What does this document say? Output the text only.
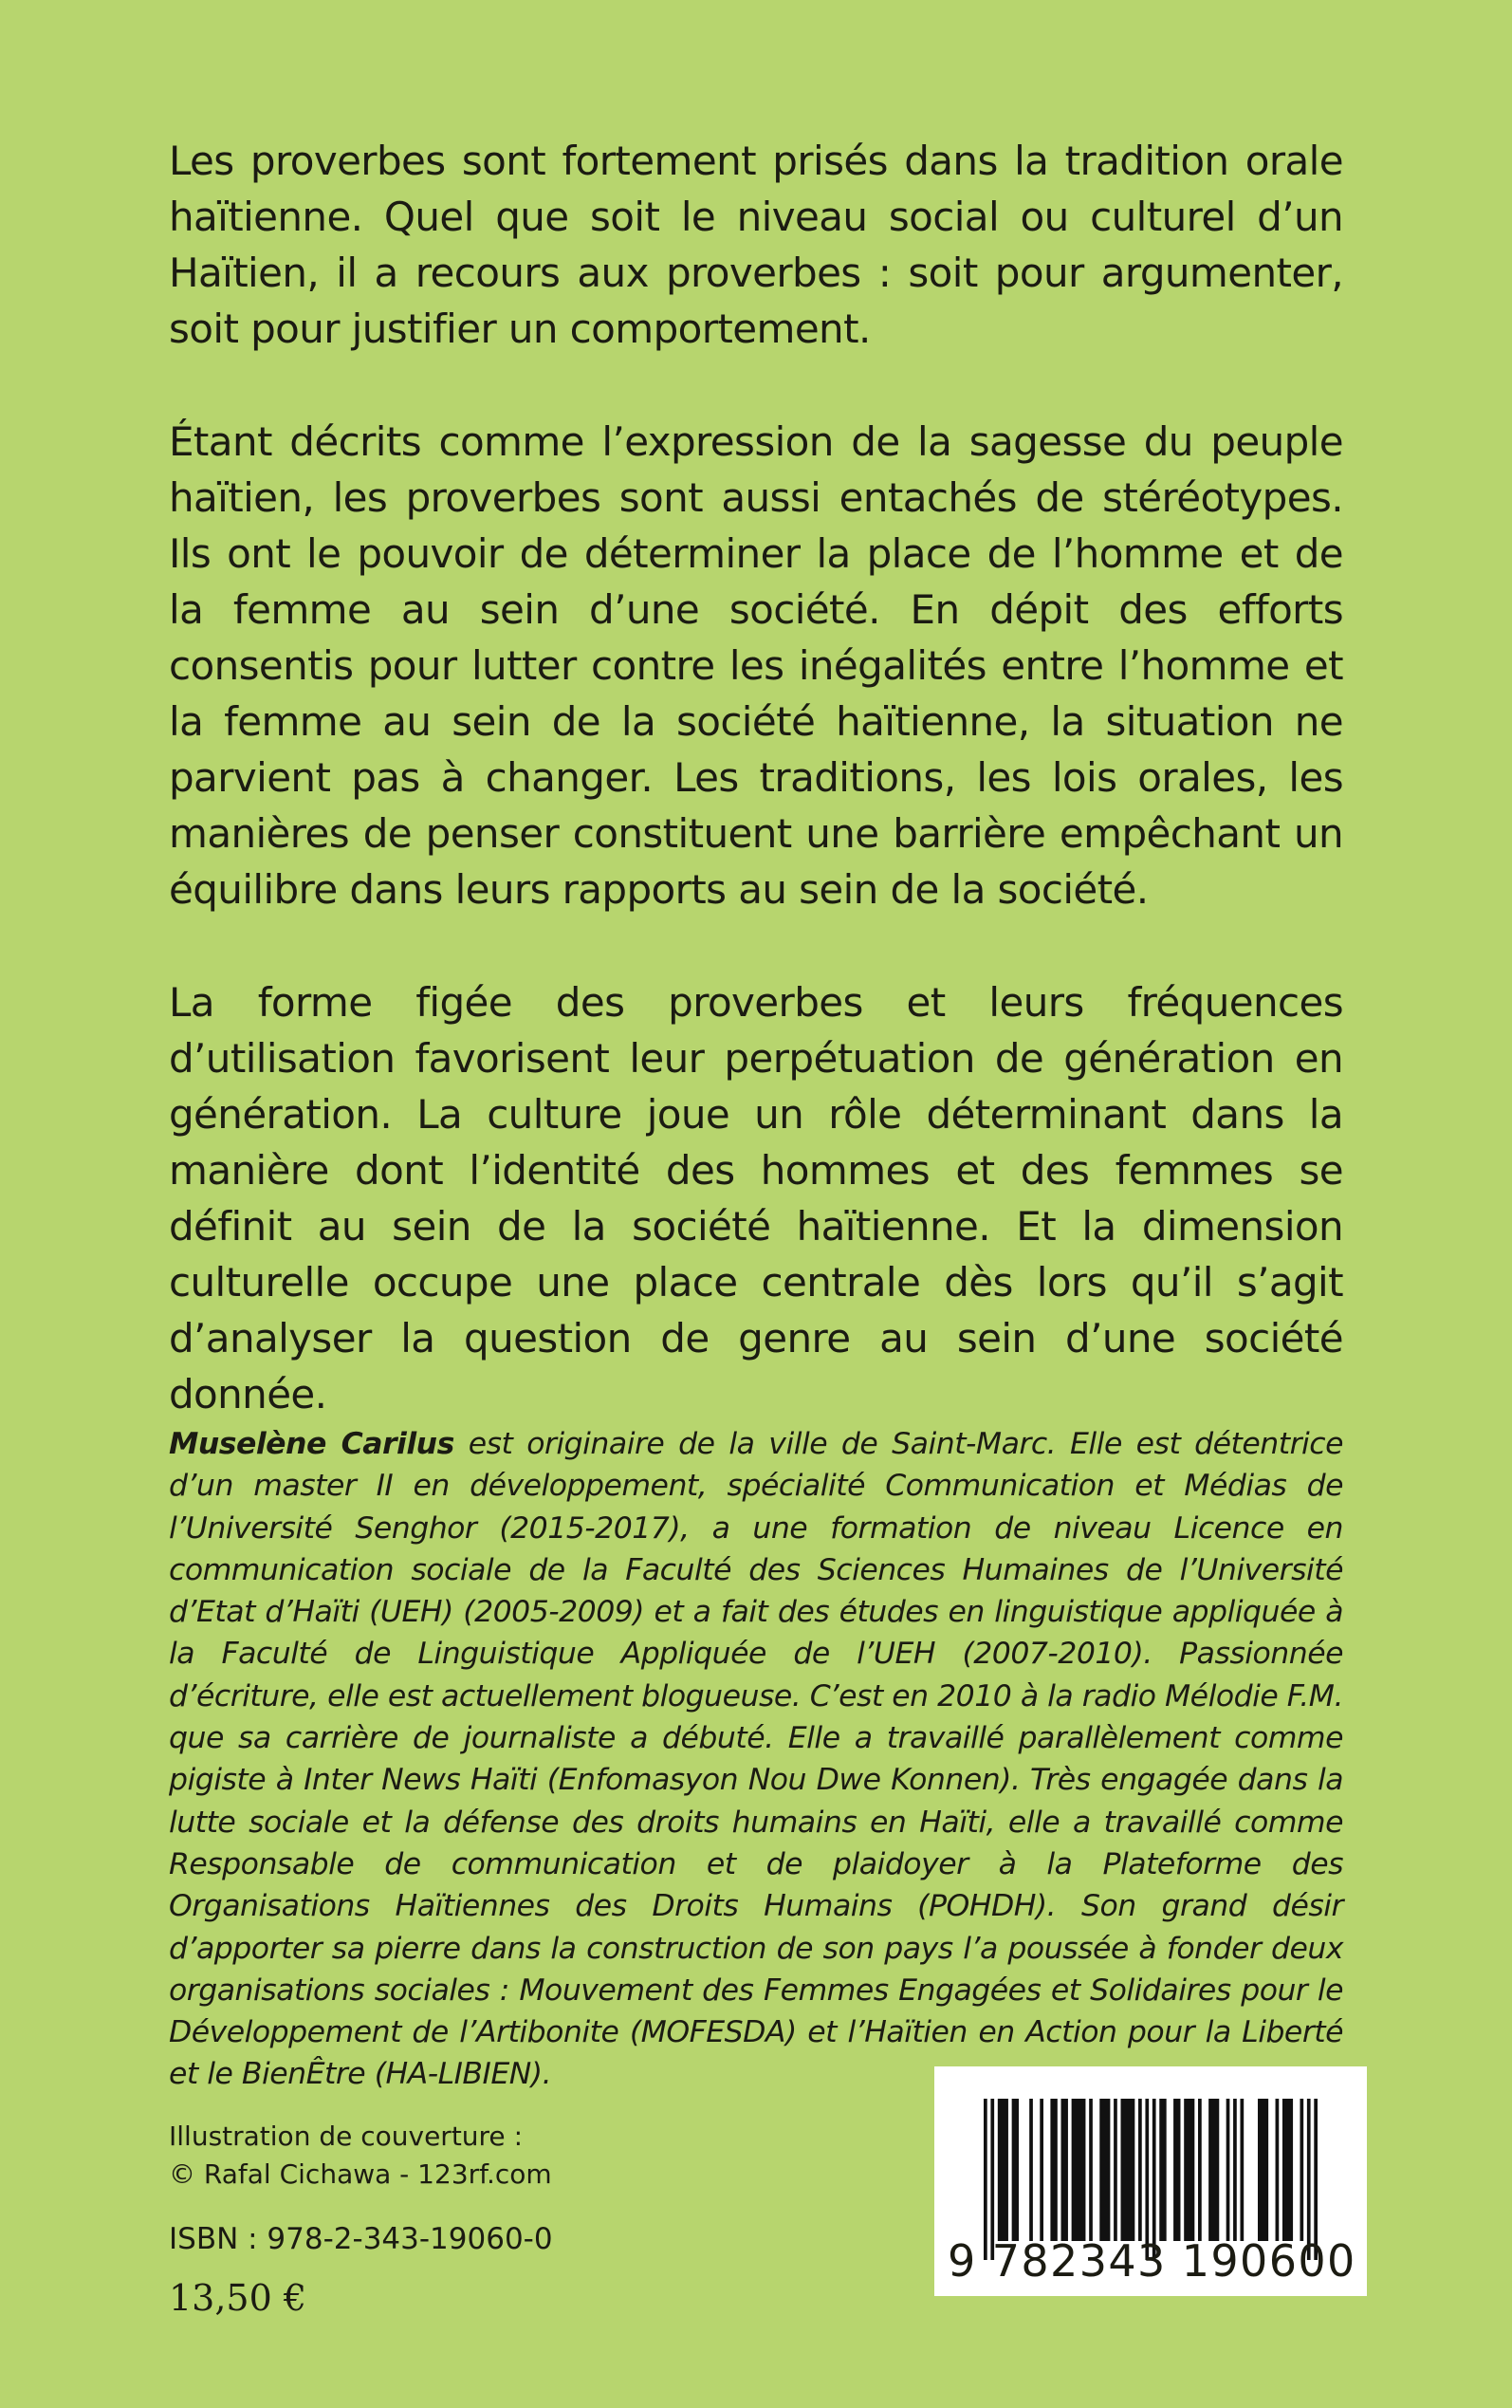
Les proverbes sont fortement prisés dans la tradition orale haïtienne. Quel que soit le niveau social ou culturel d’un Haïtien, il a recours aux proverbes : soit pour argumenter, soit pour justifier un comportement.

Étant décrits comme l’expression de la sagesse du peuple haïtien, les proverbes sont aussi entachés de stéréotypes. Ils ont le pouvoir de déterminer la place de l’homme et de la femme au sein d’une société. En dépit des efforts consentis pour lutter contre les inégalités entre l’homme et la femme au sein de la société haïtienne, la situation ne parvient pas à changer. Les traditions, les lois orales, les manières de penser constituent une barrière empêchant un équilibre dans leurs rapports au sein de la société.

La forme figée des proverbes et leurs fréquences d’utilisation favorisent leur perpétuation de génération en génération. La culture joue un rôle déterminant dans la manière dont l’identité des hommes et des femmes se définit au sein de la société haïtienne. Et la dimension culturelle occupe une place centrale dès lors qu’il s’agit d’analyser la question de genre au sein d’une société donnée.

Muselène Carilus est originaire de la ville de Saint-Marc. Elle est détentrice d’un master II en développement, spécialité Communication et Médias de l’Université Senghor (2015-2017), a une formation de niveau Licence en communication sociale de la Faculté des Sciences Humaines de l’Université d’Etat d’Haïti (UEH) (2005-2009) et a fait des études en linguistique appliquée à la Faculté de Linguistique Appliquée de l’UEH (2007-2010). Passionnée d’écriture, elle est actuellement blogueuse. C’est en 2010 à la radio Mélodie F.M. que sa carrière de journaliste a débuté. Elle a travaillé parallèlement comme pigiste à Inter News Haïti (Enfomasyon Nou Dwe Konnen). Très engagée dans la lutte sociale et la défense des droits humains en Haïti, elle a travaillé comme Responsable de communication et de plaidoyer à la Plateforme des Organisations Haïtiennes des Droits Humains (POHDH). Son grand désir d’apporter sa pierre dans la construction de son pays l’a poussée à fonder deux organisations sociales : Mouvement des Femmes Engagées et Solidaires pour le Développement de l’Artibonite (MOFESDA) et l’Haïtien en Action pour la Liberté et le BienÊtre (HA-LIBIEN).

Illustration de couverture :
© Rafal Cichawa - 123rf.com
ISBN : 978-2-343-19060-0
13,50 €
9 782343 190600
